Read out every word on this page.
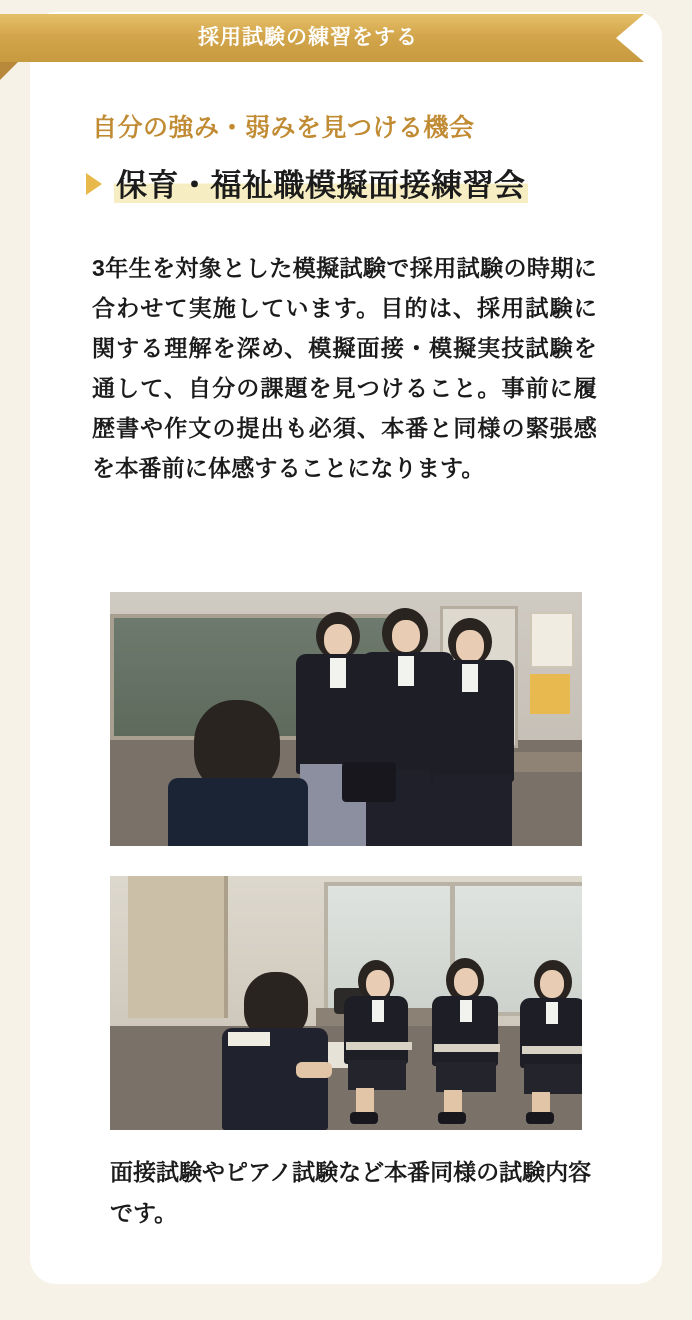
採用試験の練習をする
自分の強み・弱みを見つける機会
保育・福祉職模擬面接練習会
3年生を対象とした模擬試験で採用試験の時期に合わせて実施しています。目的は、採用試験に関する理解を深め、模擬面接・模擬実技試験を通して、自分の課題を見つけること。事前に履歴書や作文の提出も必須、本番と同様の緊張感を本番前に体感することになります。
面接試験やピアノ試験など本番同様の試験内容です。
